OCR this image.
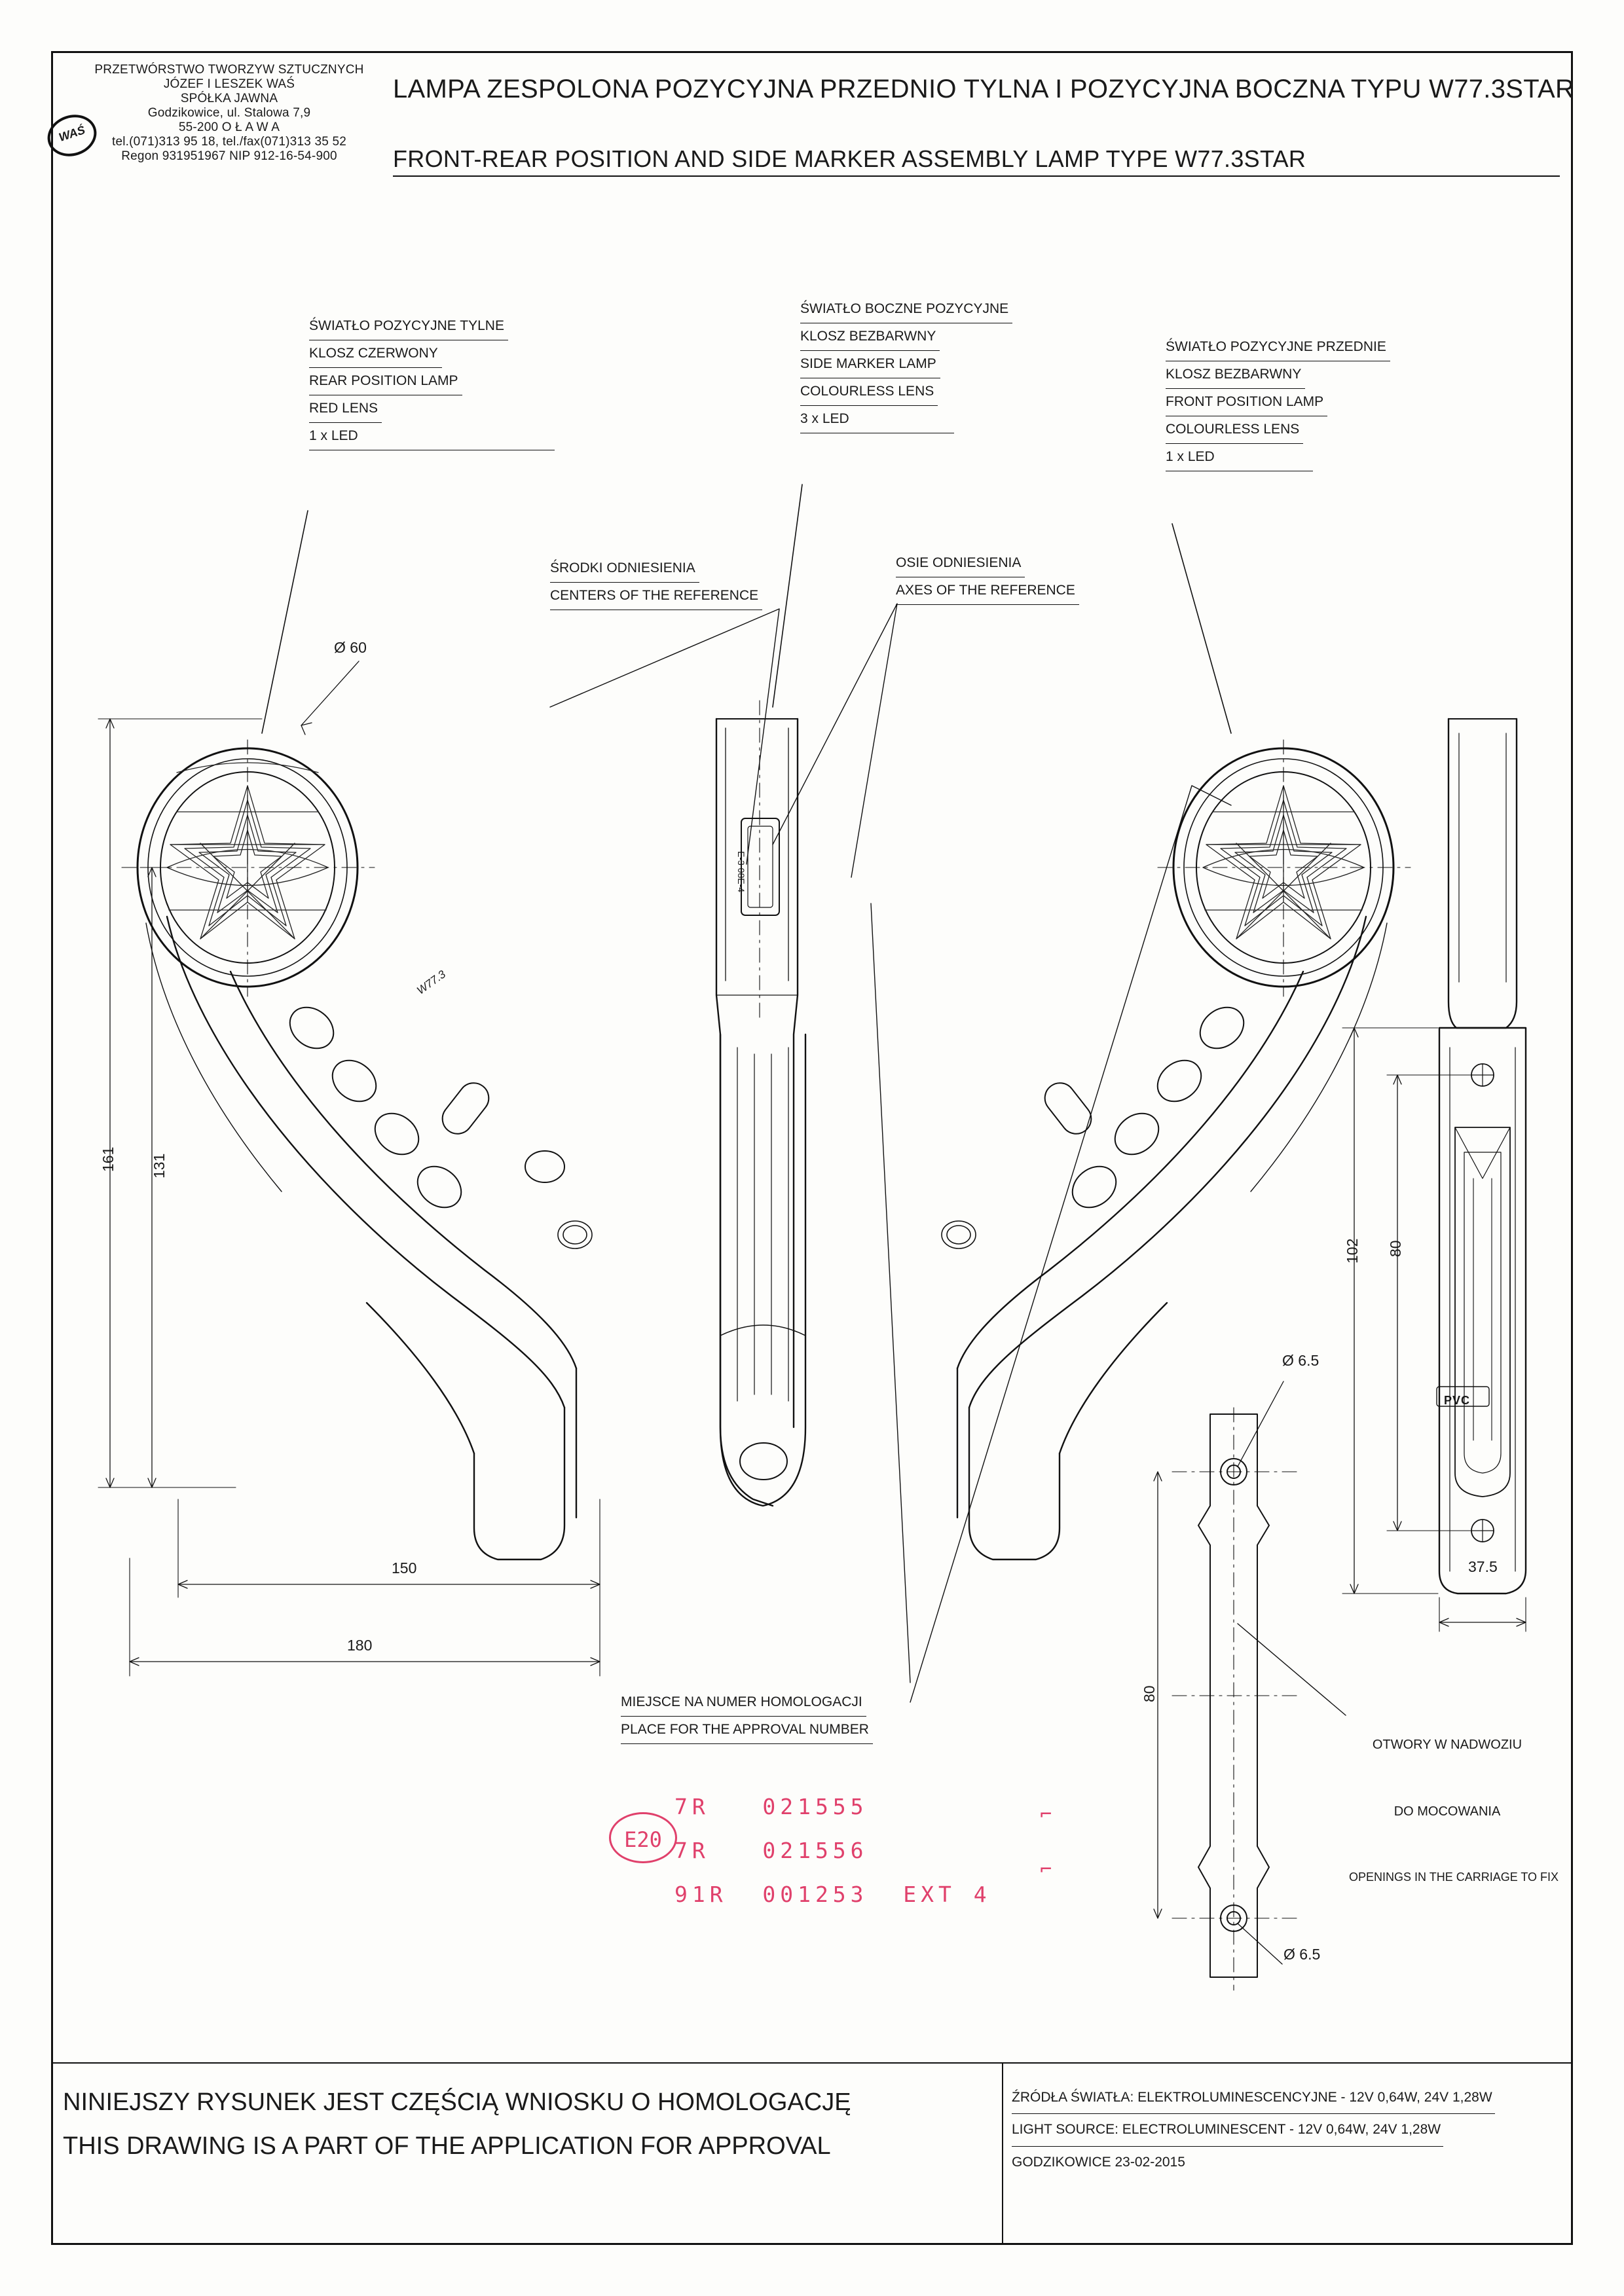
PRZETWÓRSTWO TWORZYW SZTUCZNYCH
JÓZEF I LESZEK WAŚ
SPÓŁKA JAWNA
Godzikowice, ul. Stalowa 7,9
55-200 O Ł A W A
tel.(071)313 95 18, tel./fax(071)313 35 52
Regon 931951967 NIP 912-16-54-900
WAŚ
LAMPA ZESPOLONA POZYCYJNA PRZEDNIO TYLNA I POZYCYJNA BOCZNA TYPU W77.3STAR
FRONT-REAR POSITION AND SIDE MARKER ASSEMBLY LAMP TYPE W77.3STAR
ŚWIATŁO POZYCYJNE TYLNE
KLOSZ CZERWONY
REAR POSITION LAMP
RED LENS
1 x LED
ŚWIATŁO BOCZNE POZYCYJNE
KLOSZ BEZBARWNY
SIDE MARKER LAMP
COLOURLESS LENS
3 x LED
ŚWIATŁO POZYCYJNE PRZEDNIE
KLOSZ BEZBARWNY
FRONT POSITION LAMP
COLOURLESS LENS
1 x LED
ŚRODKI ODNIESIENIA
CENTERS OF THE REFERENCE
OSIE ODNIESIENIA
AXES OF THE REFERENCE
MIEJSCE NA NUMER HOMOLOGACJI
PLACE FOR THE APPROVAL NUMBER

OTWORY W NADWOZIU

DO MOCOWANIA

OPENINGS IN THE CARRIAGE TO FIX

Ø 60
161 131
150
180
102 80
37.5
Ø 6.5
Ø 6.5
80
W77.3
PVC
E-3 08E-4
E20
7R   021555
7R   021556
91R  001253  EXT 4
⌐
⌐
NINIEJSZY RYSUNEK JEST CZĘŚCIĄ WNIOSKU O HOMOLOGACJĘ
THIS DRAWING IS A PART OF THE APPLICATION FOR APPROVAL
ŹRÓDŁA ŚWIATŁA: ELEKTROLUMINESCENCYJNE - 12V 0,64W, 24V 1,28W
LIGHT SOURCE: ELECTROLUMINESCENT - 12V 0,64W, 24V 1,28W
GODZIKOWICE 23-02-2015
